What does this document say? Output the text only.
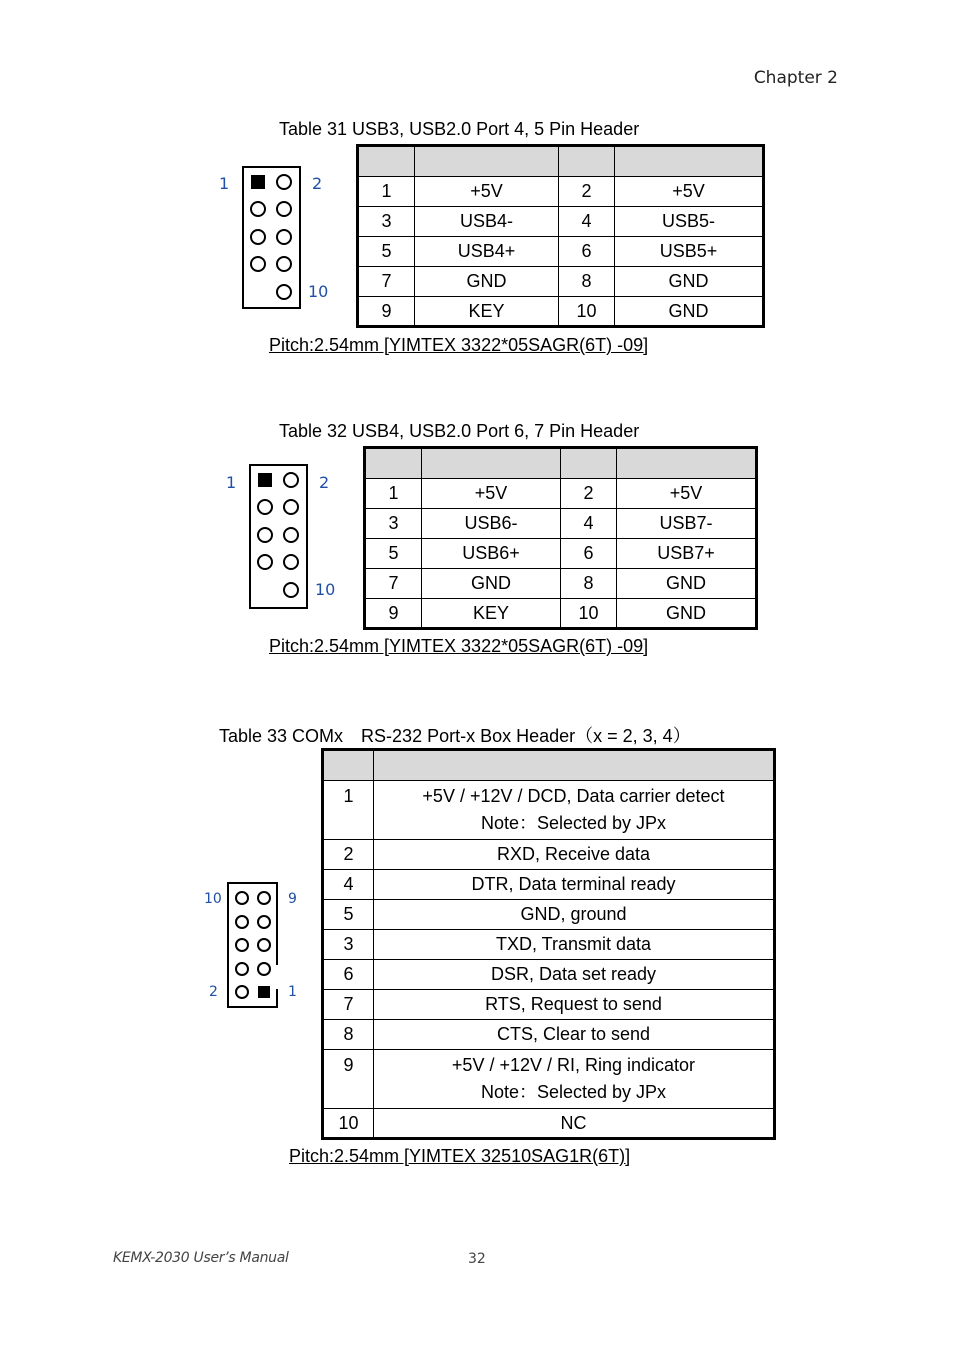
Chapter 2
Table 31 USB3, USB2.0 Port 4, 5 Pin Header
1	2
10

1	+5V	2	+5V
3	USB4-	4	USB5-
5	USB4+	6	USB5+
7	GND	8	GND
9	KEY	10	GND
Pitch:2.54mm [YIMTEX 3322*05SAGR(6T) -09]
Table 32 USB4, USB2.0 Port 6, 7 Pin Header
1	2
10

1	+5V	2	+5V
3	USB6-	4	USB7-
5	USB6+	6	USB7+
7	GND	8	GND
9	KEY	10	GND
Pitch:2.54mm [YIMTEX 3322*05SAGR(6T) -09]
Table 33 COMx　RS-232 Port-x Box Header（x = 2, 3, 4）
10	9
2	1

1	+5V / +12V / DCD, Data carrier detect
Note：Selected by JPx

2	RXD, Receive data
4	DTR, Data terminal ready
5	GND, ground
3	TXD, Transmit data
6	DSR, Data set ready
7	RTS, Request to send
8	CTS, Clear to send
9	+5V / +12V / RI, Ring indicator
Note：Selected by JPx

10	NC
Pitch:2.54mm [YIMTEX 32510SAG1R(6T)]
KEMX-2030 User’s Manual	32
